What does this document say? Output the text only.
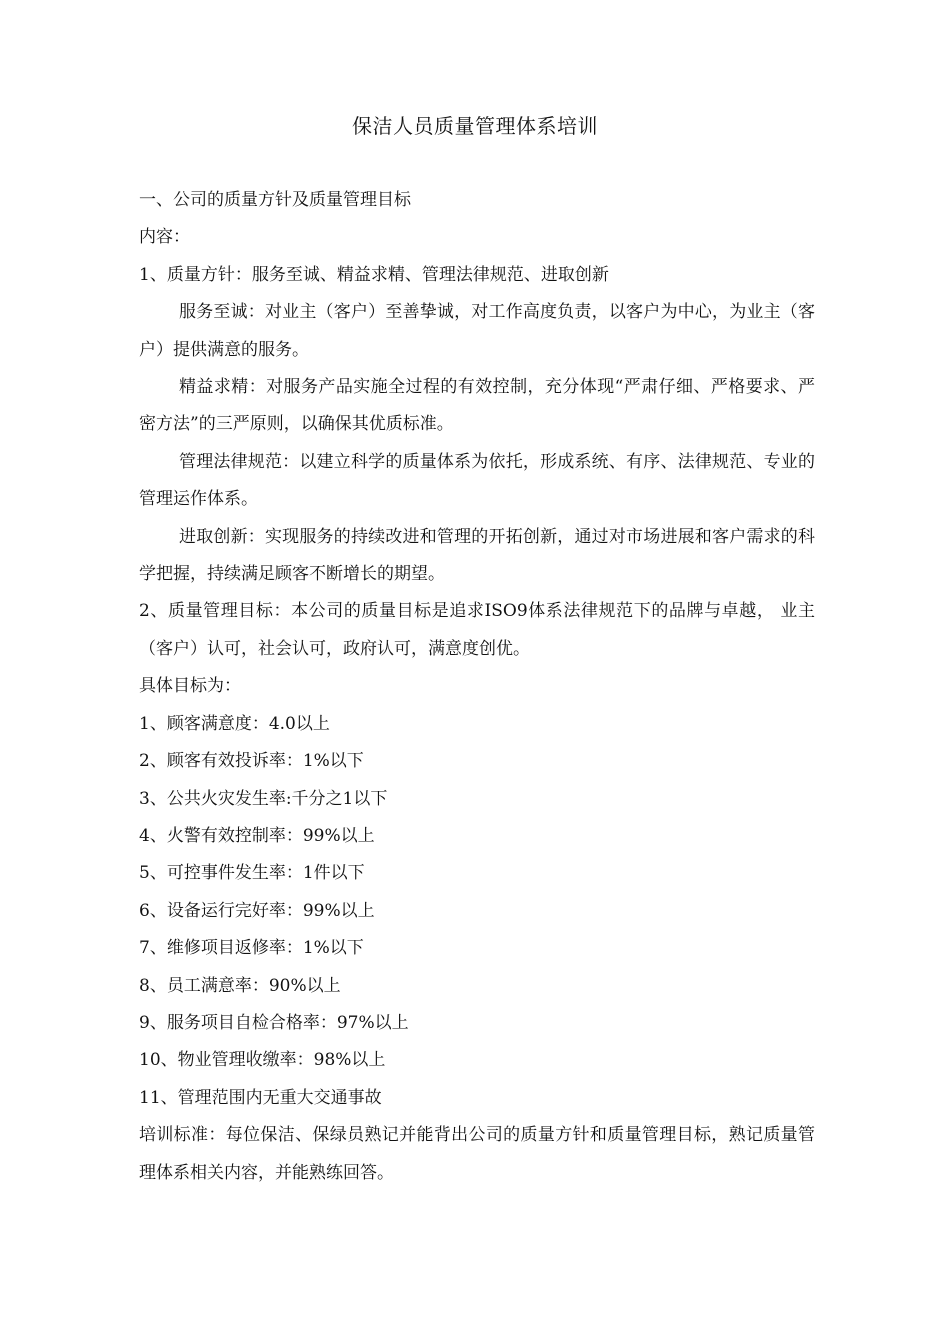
保洁人员质量管理体系培训

一、公司的质量方针及质量管理目标

内容：

1、质量方针：服务至诚、精益求精、管理法律规范、进取创新

服务至诚：对业主（客户）至善挚诚，对工作高度负责，以客户为中心，为业主（客户）提供满意的服务。

精益求精：对服务产品实施全过程的有效控制，充分体现“严肃仔细、严格要求、严密方法”的三严原则，以确保其优质标准。

管理法律规范：以建立科学的质量体系为依托，形成系统、有序、法律规范、专业的 管理运作体系。

进取创新：实现服务的持续改进和管理的开拓创新，通过对市场进展和客户需求的科学把握，持续满足顾客不断增长的期望。

2、质量管理目标：本公司的质量目标是追求ISO9体系法律规范下的品牌与卓越， 业主（客户）认可，社会认可，政府认可，满意度创优。

具体目标为：

1、顾客满意度：4.0以上

2、顾客有效投诉率：1%以下

3、公共火灾发生率:千分之1以下

4、火警有效控制率：99%以上

5、可控事件发生率：1件以下

6、设备运行完好率：99%以上

7、维修项目返修率：1%以下

8、员工满意率：90%以上

9、服务项目自检合格率：97%以上

10、物业管理收缴率：98%以上

11、管理范围内无重大交通事故

培训标准：每位保洁、保绿员熟记并能背出公司的质量方针和质量管理目标，熟记质量管理体系相关内容，并能熟练回答。
